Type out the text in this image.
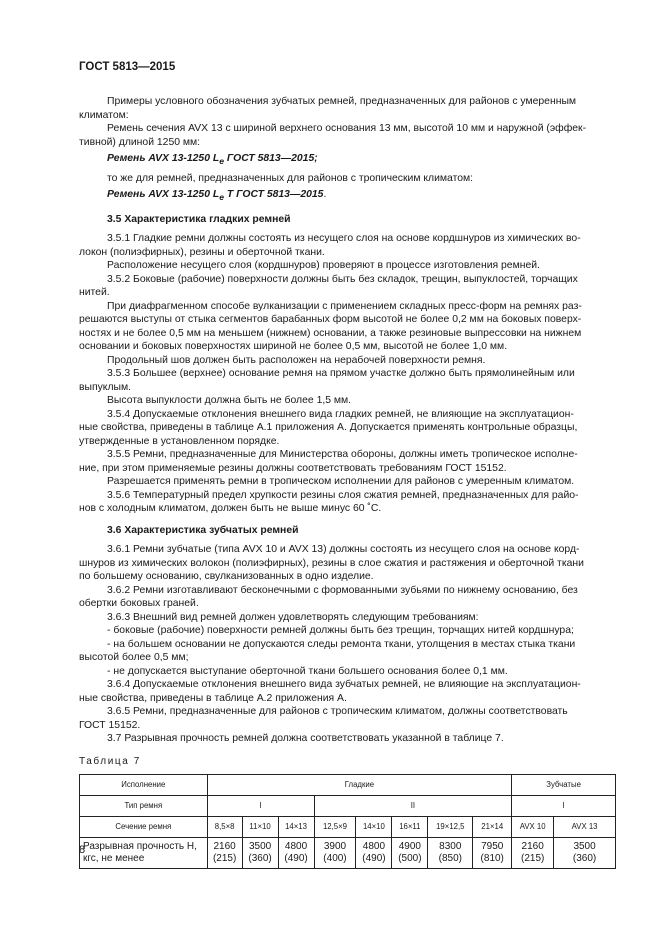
ГОСТ 5813—2015

Примеры условного обозначения зубчатых ремней, предназначенных для районов с умеренным

климатом:

Ремень сечения AVX 13 с шириной верхнего основания 13 мм, высотой 10 мм и наружной (эффек-

тивной) длиной 1250 мм:

Ремень AVX 13-1250 $L_e$ ГОСТ 5813—2015;

то же для ремней, предназначенных для районов с тропическим климатом:

Ремень AVX 13-1250 $L_e$ Т ГОСТ 5813—2015.

3.5 Характеристика гладких ремней

3.5.1 Гладкие ремни должны состоять из несущего слоя на основе кордшнуров из химических во-

локон (полиэфирных), резины и оберточной ткани.

Расположение несущего слоя (кордшнуров) проверяют в процессе изготовления ремней.

3.5.2 Боковые (рабочие) поверхности должны быть без складок, трещин, выпуклостей, торчащих

нитей.

При диафрагменном способе вулканизации с применением складных пресс-форм на ремнях раз-

решаются выступы от стыка сегментов барабанных форм высотой не более 0,2 мм на боковых поверх-

ностях и не более 0,5 мм на меньшем (нижнем) основании, а также резиновые выпрессовки на нижнем

основании и боковых поверхностях шириной не более 0,5 мм, высотой не более 1,0 мм.

Продольный шов должен быть расположен на нерабочей поверхности ремня.

3.5.3 Большее (верхнее) основание ремня на прямом участке должно быть прямолинейным или

выпуклым.

Высота выпуклости должна быть не более 1,5 мм.

3.5.4 Допускаемые отклонения внешнего вида гладких ремней, не влияющие на эксплуатацион-

ные свойства, приведены в таблице А.1 приложения А. Допускается применять контрольные образцы,

утвержденные в установленном порядке.

3.5.5 Ремни, предназначенные для Министерства обороны, должны иметь тропическое исполне-

ние, при этом применяемые резины должны соответствовать требованиям ГОСТ 15152.

Разрешается применять ремни в тропическом исполнении для районов с умеренным климатом.

3.5.6 Температурный предел хрупкости резины слоя сжатия ремней, предназначенных для райо-

нов с холодным климатом, должен быть не выше минус 60 ˚С.

3.6 Характеристика зубчатых ремней

3.6.1 Ремни зубчатые (типа AVX 10 и AVX 13) должны состоять из несущего слоя на основе корд-

шнуров из химических волокон (полиэфирных), резины в слое сжатия и растяжения и оберточной ткани

по большему основанию, свулканизованных в одно изделие.

3.6.2 Ремни изготавливают бесконечными с формованными зубьями по нижнему основанию, без

обертки боковых граней.

3.6.3 Внешний вид ремней должен удовлетворять следующим требованиям:

- боковые (рабочие) поверхности ремней должны быть без трещин, торчащих нитей кордшнура;

- на большем основании не допускаются следы ремонта ткани, утолщения в местах стыка ткани

высотой более 0,5 мм;

- не допускается выступание оберточной ткани большего основания более 0,1 мм.

3.6.4 Допускаемые отклонения внешнего вида зубчатых ремней, не влияющие на эксплуатацион-

ные свойства, приведены в таблице А.2 приложения А.

3.6.5 Ремни, предназначенные для районов с тропическим климатом, должны соответствовать

ГОСТ 15152.

3.7 Разрывная прочность ремней должна соответствовать указанной в таблице 7.

Таблица 7

Исполнение	Гладкие								Зубчатые	
Тип ремня	I			II					I	
Сечение ремня	8,5×8	11×10	14×13	12,5×9	14×10	16×11	19×12,5	21×14	AVX 10	AVX 13
Разрывная прочность Н, кгс, не менее	2160
(215)	3500
(360)	4800
(490)	3900
(400)	4800
(490)	4900
(500)	8300
(850)	7950
(810)	2160
(215)	3500
(360)
8
